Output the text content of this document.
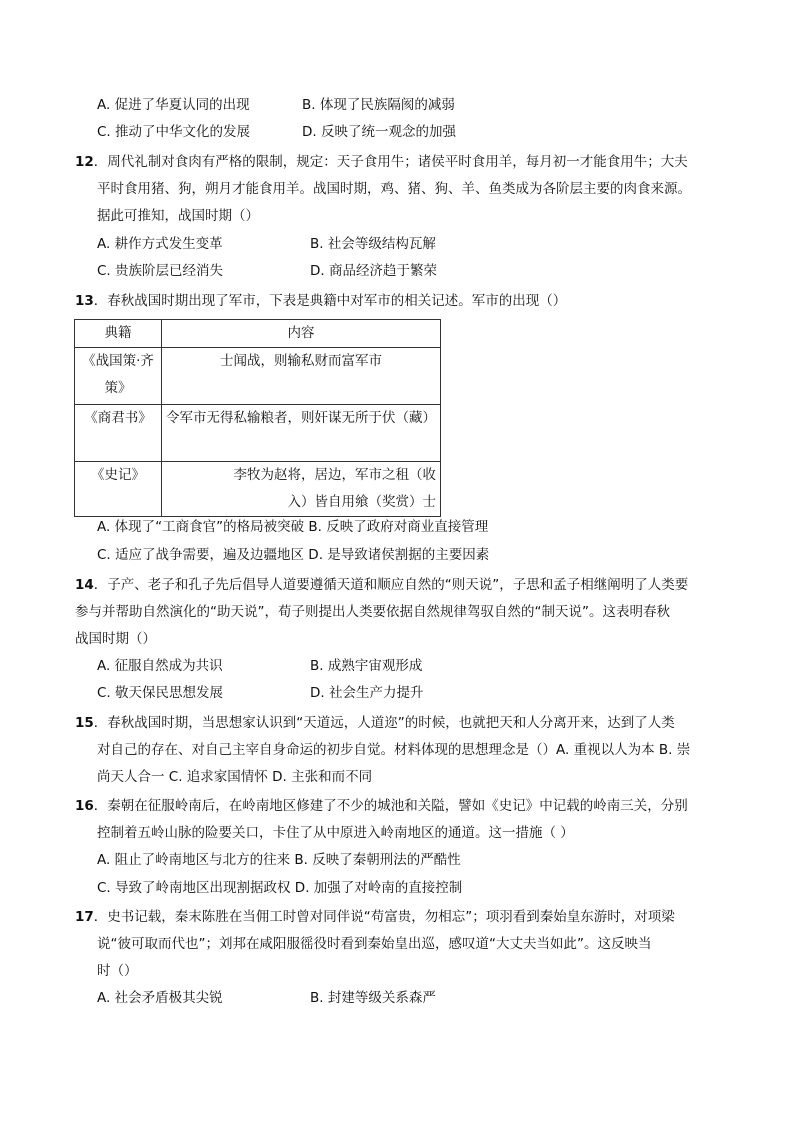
A. 促进了华夏认同的出现	B. 体现了民族隔阂的减弱
C. 推动了中华文化的发展	D. 反映了统一观念的加强
12．周代礼制对食肉有严格的限制，规定：天子食用牛；诸侯平时食用羊，每月初一才能食用牛；大夫
平时食用猪、狗，朔月才能食用羊。战国时期，鸡、猪、狗、羊、鱼类成为各阶层主要的肉食来源。
据此可推知，战国时期（）
A. 耕作方式发生变革	B. 社会等级结构瓦解
C. 贵族阶层已经消失	D. 商品经济趋于繁荣
13．春秋战国时期出现了军市，下表是典籍中对军市的相关记述。军市的出现（）
典籍	内容
《战国策·齐策》	士闻战，则输私财而富军市
《商君书》	令军市无得私输粮者，则奸谋无所于伏（藏）
《史记》	李牧为赵将，居边，军市之租（收
入）皆自用飨（奖赏）士
A. 体现了“工商食官”的格局被突破 B. 反映了政府对商业直接管理
C. 适应了战争需要，遍及边疆地区 D. 是导致诸侯割据的主要因素
14．子产、老子和孔子先后倡导人道要遵循天道和顺应自然的“则天说”，子思和孟子相继阐明了人类要
参与并帮助自然演化的“助天说”，荀子则提出人类要依据自然规律驾驭自然的“制天说”。这表明春秋
战国时期（）
A. 征服自然成为共识	B. 成熟宇宙观形成
C. 敬天保民思想发展	D. 社会生产力提升
15．春秋战国时期，当思想家认识到“天道远，人道迩”的时候，也就把天和人分离开来，达到了人类
对自己的存在、对自己主宰自身命运的初步自觉。材料体现的思想理念是（）A. 重视以人为本 B. 崇
尚天人合一 C. 追求家国情怀 D. 主张和而不同
16．秦朝在征服岭南后，在岭南地区修建了不少的城池和关隘，譬如《史记》中记载的岭南三关，分别
控制着五岭山脉的险要关口，卡住了从中原进入岭南地区的通道。这一措施（ ）
A. 阻止了岭南地区与北方的往来 B. 反映了秦朝刑法的严酷性
C. 导致了岭南地区出现割据政权 D. 加强了对岭南的直接控制
17．史书记载，秦末陈胜在当佣工时曾对同伴说“苟富贵，勿相忘”；项羽看到秦始皇东游时，对项梁
说“彼可取而代也”；刘邦在咸阳服徭役时看到秦始皇出巡，感叹道“大丈夫当如此”。这反映当
时（）
A. 社会矛盾极其尖锐	B. 封建等级关系森严
